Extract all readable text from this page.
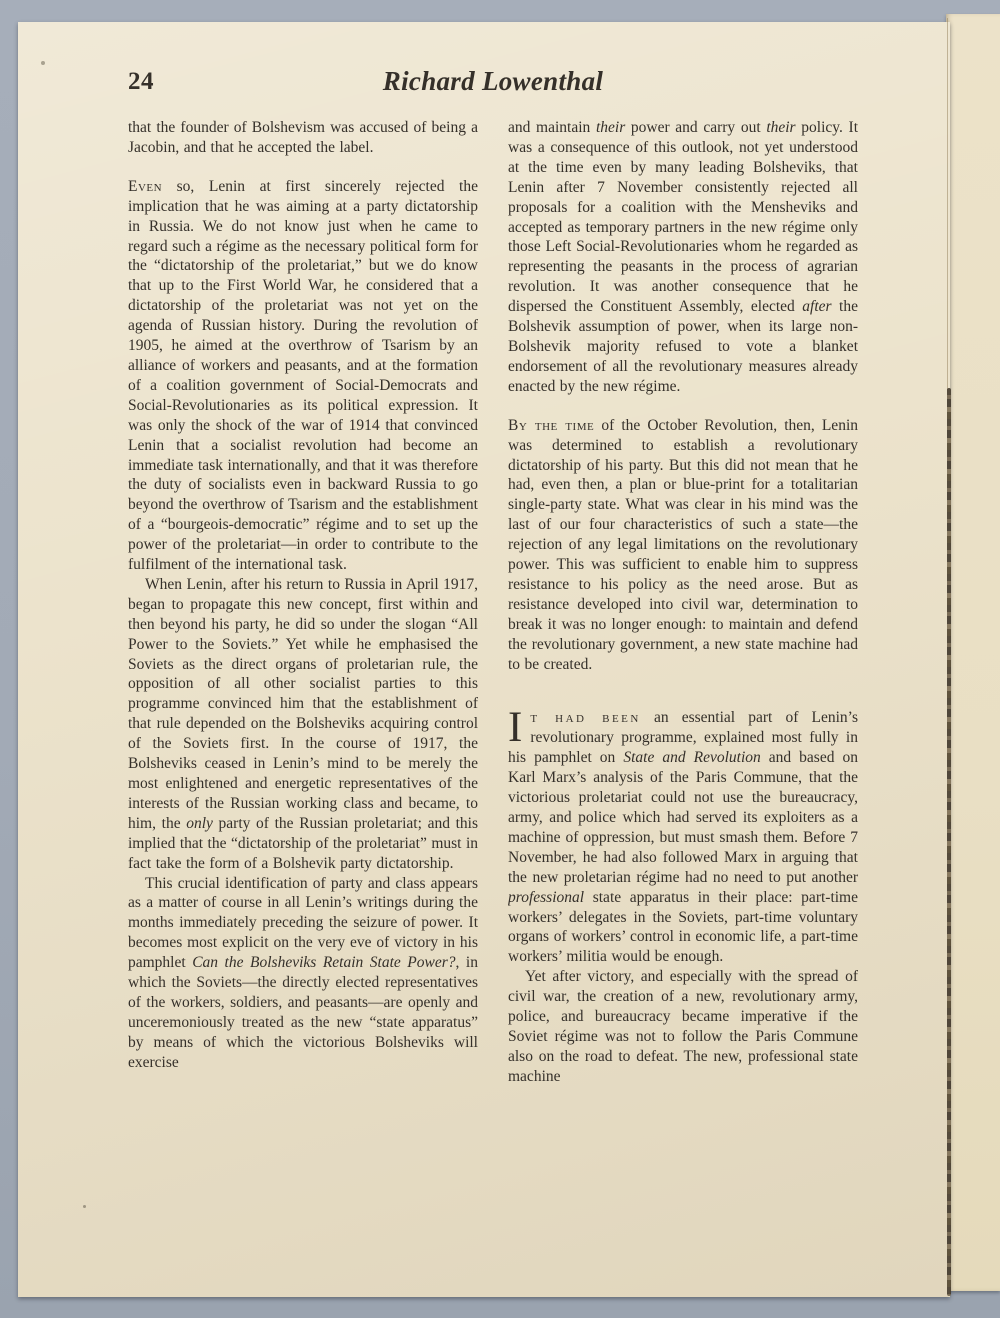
24	Richard Lowenthal

that the founder of Bolshevism was accused of being a Jacobin, and that he accepted the label.

Even so, Lenin at first sincerely rejected the implication that he was aiming at a party dictatorship in Russia. We do not know just when he came to regard such a régime as the necessary political form for the “dictatorship of the proletariat,” but we do know that up to the First World War, he considered that a dictatorship of the proletariat was not yet on the agenda of Russian history. During the revolution of 1905, he aimed at the overthrow of Tsarism by an alliance of workers and peasants, and at the formation of a coalition government of Social-Democrats and Social-Revolutionaries as its political expression. It was only the shock of the war of 1914 that convinced Lenin that a socialist revolution had become an immediate task internationally, and that it was therefore the duty of socialists even in backward Russia to go beyond the overthrow of Tsarism and the establishment of a “bourgeois-democratic” régime and to set up the power of the proletariat—in order to contribute to the fulfilment of the international task.

When Lenin, after his return to Russia in April 1917, began to propagate this new concept, first within and then beyond his party, he did so under the slogan “All Power to the Soviets.” Yet while he emphasised the Soviets as the direct organs of proletarian rule, the opposition of all other socialist parties to this programme convinced him that the establishment of that rule depended on the Bolsheviks acquiring control of the Soviets first. In the course of 1917, the Bolsheviks ceased in Lenin’s mind to be merely the most enlightened and energetic representatives of the interests of the Russian working class and became, to him, the only party of the Russian proletariat; and this implied that the “dictatorship of the proletariat” must in fact take the form of a Bolshevik party dictatorship.

This crucial identification of party and class appears as a matter of course in all Lenin’s writings during the months immediately preceding the seizure of power. It becomes most explicit on the very eve of victory in his pamphlet Can the Bolsheviks Retain State Power?, in which the Soviets—the directly elected representatives of the workers, soldiers, and peasants—are openly and unceremoniously treated as the new “state apparatus” by means of which the victorious Bolsheviks will exercise

and maintain their power and carry out their policy. It was a consequence of this outlook, not yet understood at the time even by many leading Bolsheviks, that Lenin after 7 November consistently rejected all proposals for a coalition with the Mensheviks and accepted as temporary partners in the new régime only those Left Social-Revolutionaries whom he regarded as representing the peasants in the process of agrarian revolution. It was another consequence that he dispersed the Constituent Assembly, elected after the Bolshevik assumption of power, when its large non-Bolshevik majority refused to vote a blanket endorsement of all the revolutionary measures already enacted by the new régime.

By the time of the October Revolution, then, Lenin was determined to establish a revolutionary dictatorship of his party. But this did not mean that he had, even then, a plan or blue-print for a totalitarian single-party state. What was clear in his mind was the last of our four characteristics of such a state—the rejection of any legal limitations on the revolutionary power. This was sufficient to enable him to suppress resistance to his policy as the need arose. But as resistance developed into civil war, determination to break it was no longer enough: to maintain and defend the revolutionary government, a new state machine had to be created.

It had been an essential part of Lenin’s revolutionary programme, explained most fully in his pamphlet on State and Revolution and based on Karl Marx’s analysis of the Paris Commune, that the victorious proletariat could not use the bureaucracy, army, and police which had served its exploiters as a machine of oppression, but must smash them. Before 7 November, he had also followed Marx in arguing that the new proletarian régime had no need to put another professional state apparatus in their place: part-time workers’ delegates in the Soviets, part-time voluntary organs of workers’ control in economic life, a part-time workers’ militia would be enough.

Yet after victory, and especially with the spread of civil war, the creation of a new, revolutionary army, police, and bureaucracy became imperative if the Soviet régime was not to follow the Paris Commune also on the road to defeat. The new, professional state machine
